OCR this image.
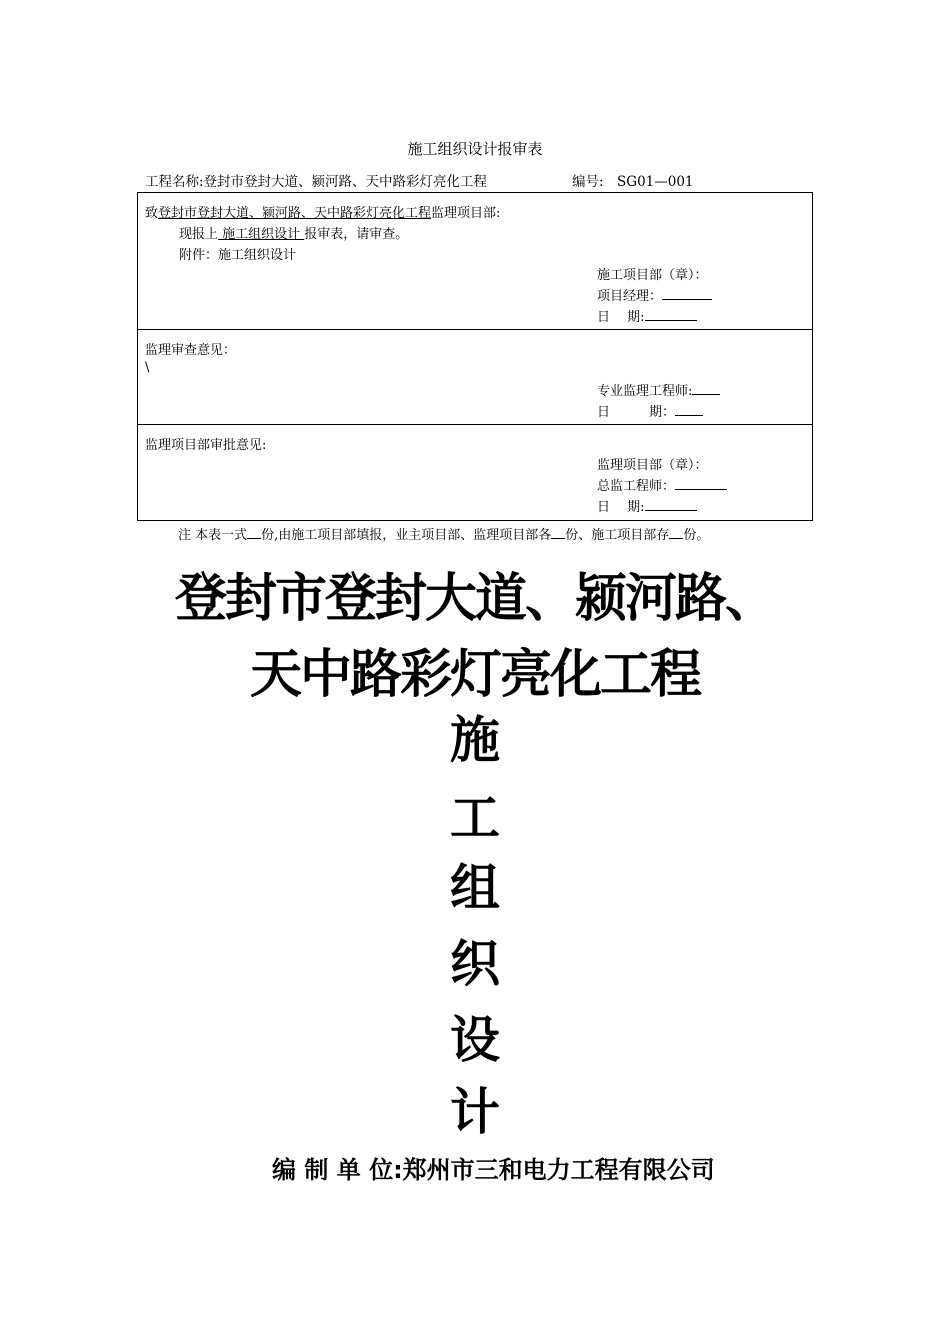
施工组织设计报审表
工程名称:登封市登封大道、颍河路、天中路彩灯亮化工程	编号:　SG01—001
致登封市登封大道、颍河路、天中路彩灯亮化工程监理项目部:
现报上 施工组织设计 报审表，请审查。
附件：施工组织设计
施工项目部（章）：
项目经理：
日　 期:
监理审查意见：
\
专业监理工程师:
日　　　期：
监理项目部审批意见:
监理项目部（章）：
总监工程师：
日　 期:
注 本表一式 份,由施工项目部填报，业主项目部、监理项目部各 份、施工项目部存 份。
登封市登封大道、颍河路、
天中路彩灯亮化工程
施
工
组
织
设
计
编 制 单 位:郑州市三和电力工程有限公司
